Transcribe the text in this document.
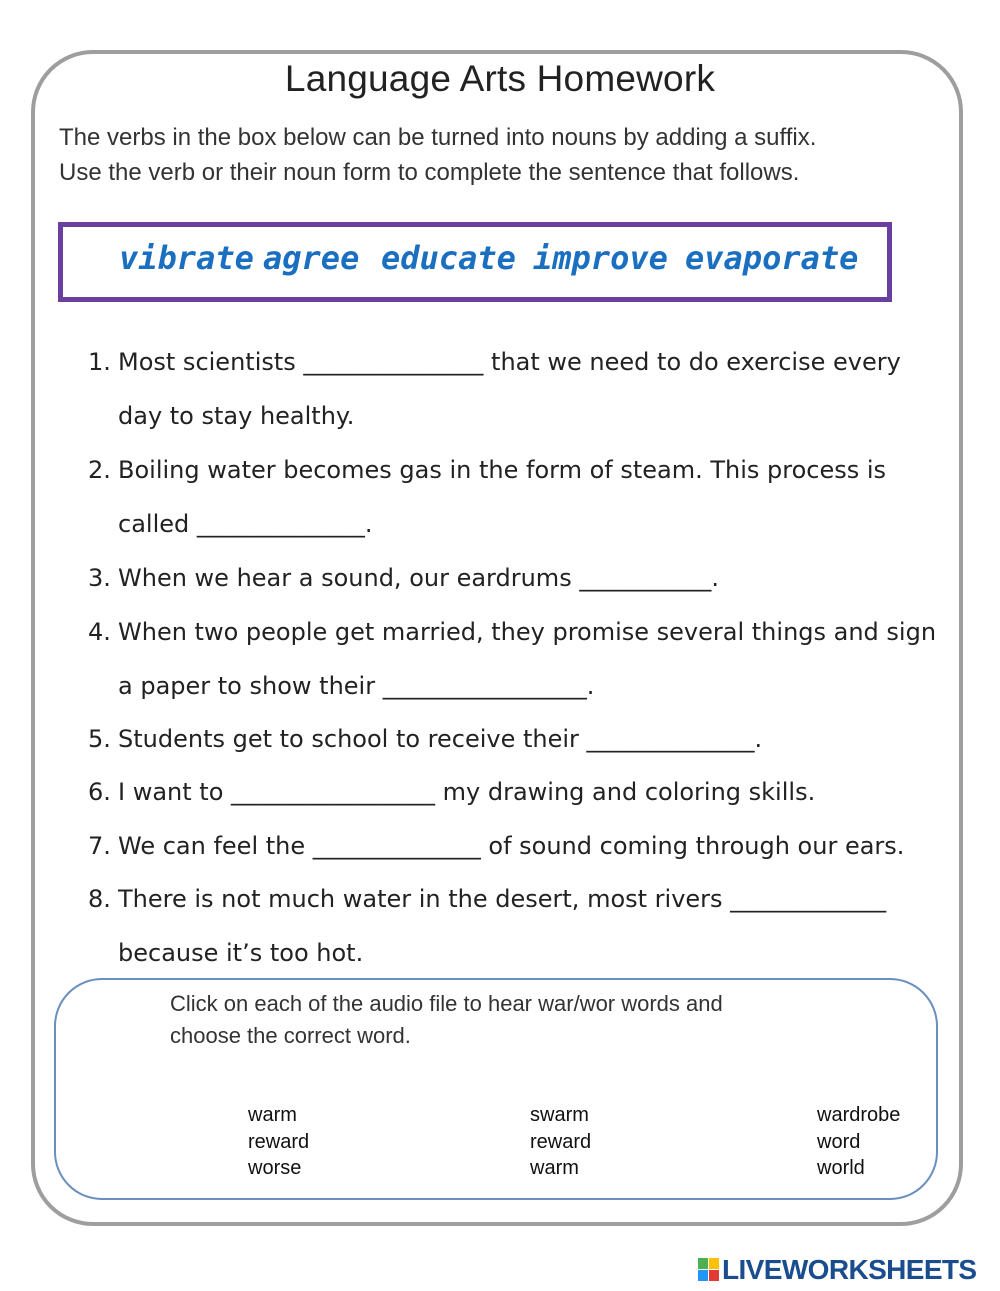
Language Arts Homework
The verbs in the box below can be turned into nouns by adding a suffix.
Use the verb or their noun form to complete the sentence that follows.
vibrate agree educate improve evaporate
1. Most scientists _______________ that we need to do exercise every
day to stay healthy.
2. Boiling water becomes gas in the form of steam. This process is
called ______________.
3. When we hear a sound, our eardrums ___________.
4. When two people get married, they promise several things and sign
a paper to show their _________________.
5. Students get to school to receive their ______________.
6. I want to _________________ my drawing and coloring skills.
7. We can feel the ______________ of sound coming through our ears.
8. There is not much water in the desert, most rivers _____________
because it’s too hot.
Click on each of the audio file to hear war/wor words and
choose the correct word.
warm
reward
worse
swarm
reward
warm
wardrobe
word
world
LIVEWORKSHEETS
